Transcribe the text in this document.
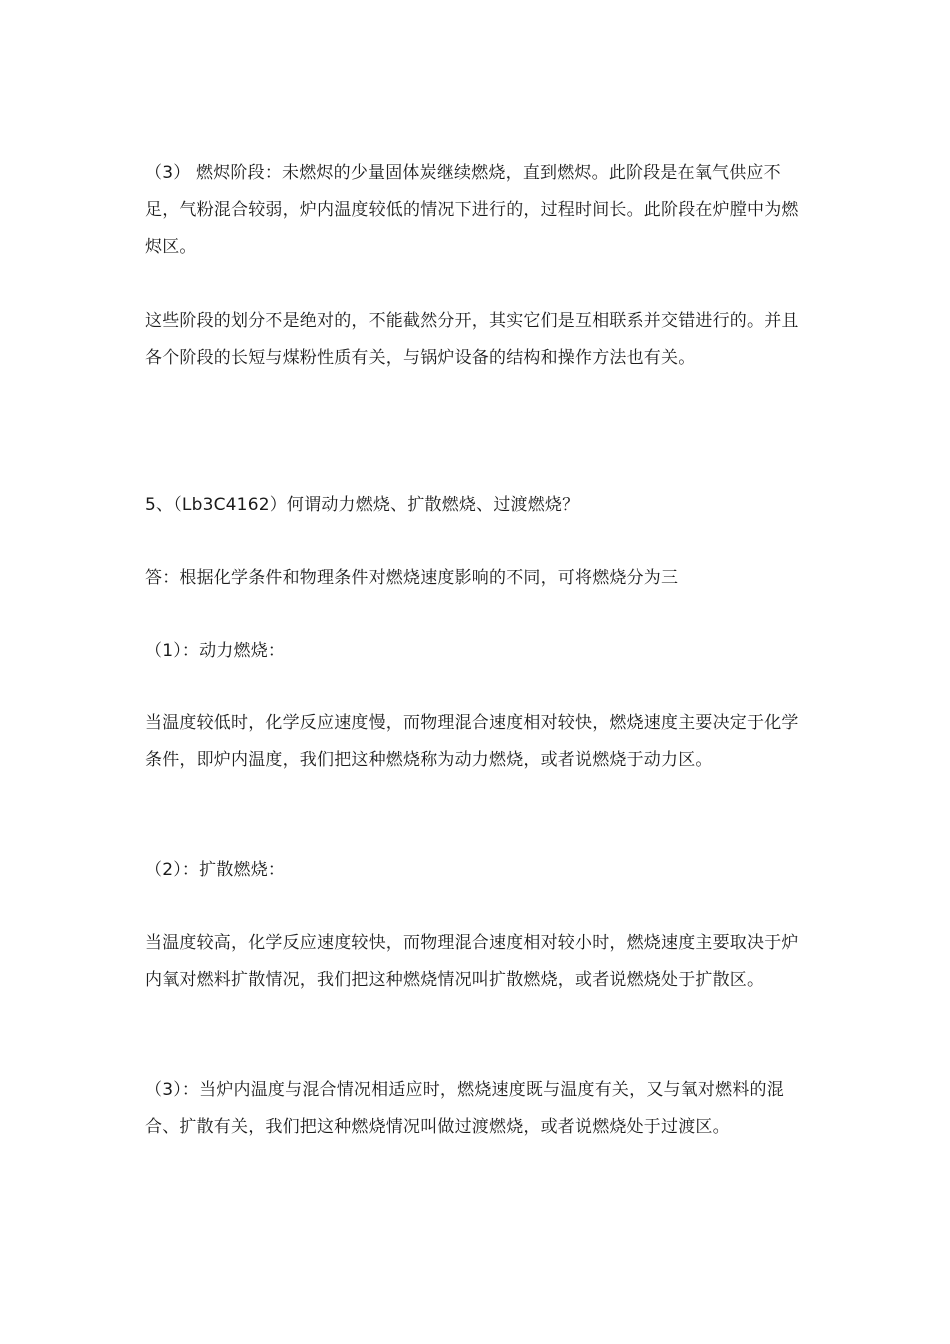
（3） 燃烬阶段：未燃烬的少量固体炭继续燃烧，直到燃烬。此阶段是在氧气供应不足，气粉混合较弱，炉内温度较低的情况下进行的，过程时间长。此阶段在炉膛中为燃烬区。

这些阶段的划分不是绝对的，不能截然分开，其实它们是互相联系并交错进行的。并且各个阶段的长短与煤粉性质有关，与锅炉设备的结构和操作方法也有关。

5、（Lb3C4162）何谓动力燃烧、扩散燃烧、过渡燃烧？

答：根据化学条件和物理条件对燃烧速度影响的不同，可将燃烧分为三

（1）：动力燃烧：

当温度较低时，化学反应速度慢，而物理混合速度相对较快，燃烧速度主要决定于化学条件，即炉内温度，我们把这种燃烧称为动力燃烧，或者说燃烧于动力区。

（2）：扩散燃烧：

当温度较高，化学反应速度较快，而物理混合速度相对较小时，燃烧速度主要取决于炉内氧对燃料扩散情况，我们把这种燃烧情况叫扩散燃烧，或者说燃烧处于扩散区。

（3）：当炉内温度与混合情况相适应时，燃烧速度既与温度有关，又与氧对燃料的混合、扩散有关，我们把这种燃烧情况叫做过渡燃烧，或者说燃烧处于过渡区。
